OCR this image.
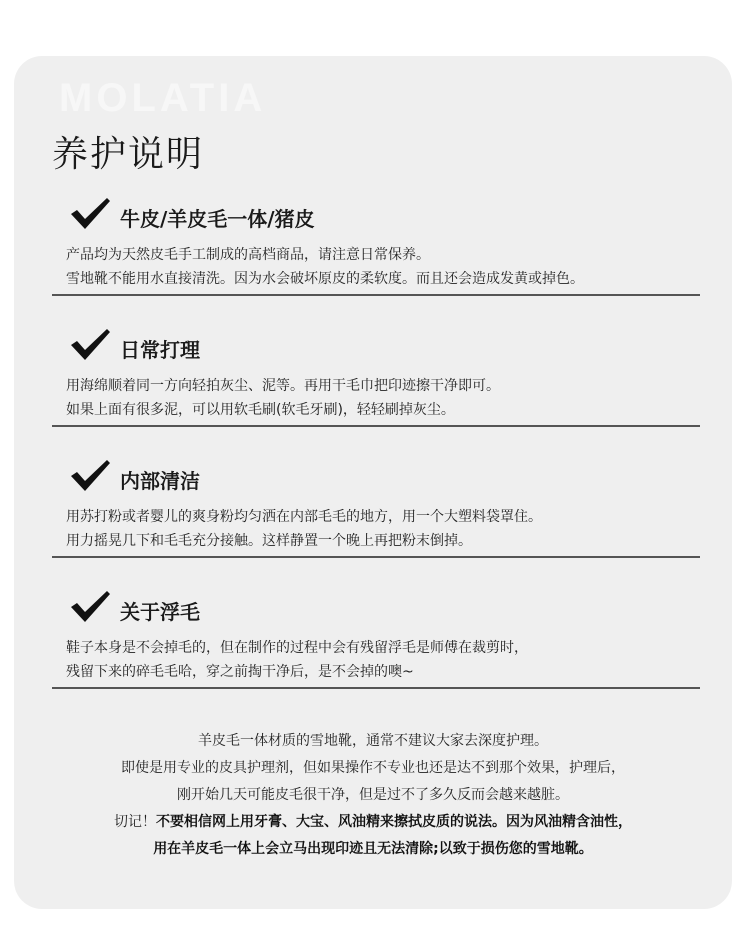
MOLATIA
养护说明
牛皮/羊皮毛一体/猪皮
产品均为天然皮毛手工制成的高档商品，请注意日常保养。
雪地靴不能用水直接清洗。因为水会破坏原皮的柔软度。而且还会造成发黄或掉色。
日常打理
用海绵顺着同一方向轻拍灰尘、泥等。再用干毛巾把印迹擦干净即可。
如果上面有很多泥，可以用软毛刷(软毛牙刷)，轻轻刷掉灰尘。
内部清洁
用苏打粉或者婴儿的爽身粉均匀洒在内部毛毛的地方，用一个大塑料袋罩住。
用力摇晃几下和毛毛充分接触。这样静置一个晚上再把粉末倒掉。
关于浮毛
鞋子本身是不会掉毛的，但在制作的过程中会有残留浮毛是师傅在裁剪时，
残留下来的碎毛毛哈，穿之前掏干净后，是不会掉的噢~
羊皮毛一体材质的雪地靴，通常不建议大家去深度护理。
即使是用专业的皮具护理剂，但如果操作不专业也还是达不到那个效果，护理后，
刚开始几天可能皮毛很干净，但是过不了多久反而会越来越脏。
切记！不要相信网上用牙膏、大宝、风油精来擦拭皮质的说法。因为风油精含油性，
用在羊皮毛一体上会立马出现印迹且无法清除;以致于损伤您的雪地靴。
